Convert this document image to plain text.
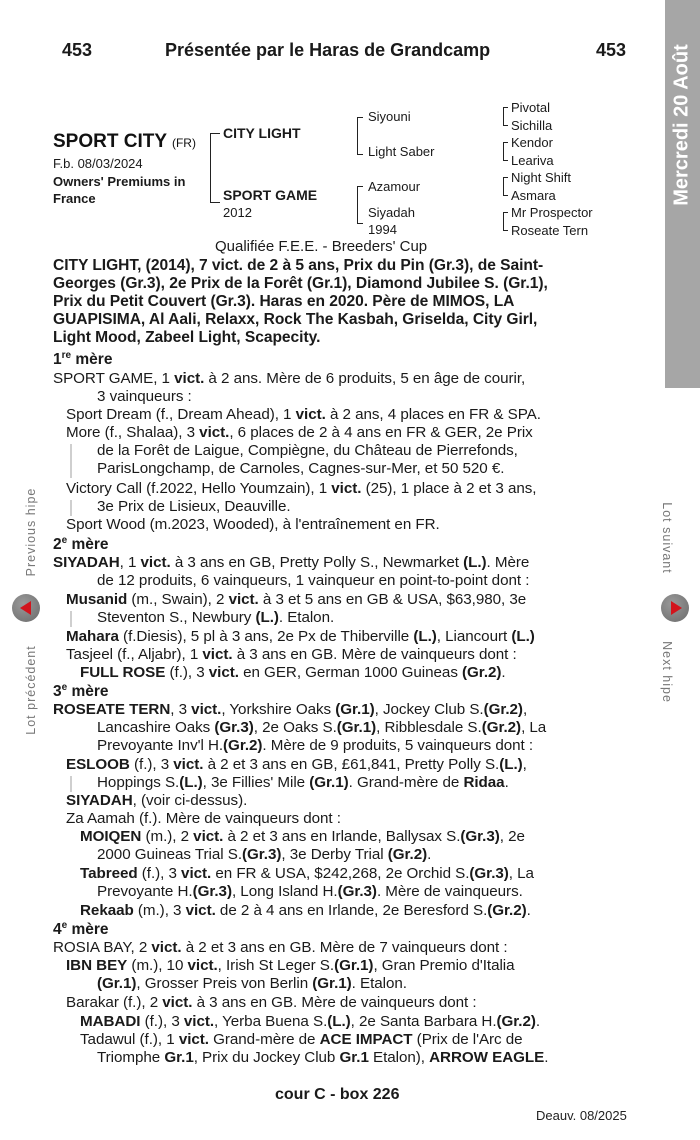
453	Présentée par le Haras de Grandcamp	453 Mercredi 20 Août
SPORT CITY (FR)
F.b. 08/03/2024
Owners' Premiums in
France
CITY LIGHT
SPORT GAME
2012
Siyouni
Light Saber
Azamour
Siyadah
1994
Pivotal
Sichilla
Kendor
Leariva
Night Shift
Asmara
Mr Prospector
Roseate Tern
Qualifiée F.E.E. - Breeders' Cup
CITY LIGHT, (2014), 7 vict. de 2 à 5 ans, Prix du Pin (Gr.3), de Saint-
Georges (Gr.3), 2e Prix de la Forêt (Gr.1), Diamond Jubilee S. (Gr.1),
Prix du Petit Couvert (Gr.3). Haras en 2020. Père de MIMOS, LA
GUAPISIMA, Al Aali, Relaxx, Rock The Kasbah, Griselda, City Girl,
Light Mood, Zabeel Light, Scapecity.
1re mère
SPORT GAME, 1 vict. à 2 ans. Mère de 6 produits, 5 en âge de courir,
3 vainqueurs :
Sport Dream (f., Dream Ahead), 1 vict. à 2 ans, 4 places en FR & SPA.
More (f., Shalaa), 3 vict., 6 places de 2 à 4 ans en FR & GER, 2e Prix
de la Forêt de Laigue, Compiègne, du Château de Pierrefonds,
ParisLongchamp, de Carnoles, Cagnes-sur-Mer, et 50 520 €.
Victory Call (f.2022, Hello Youmzain), 1 vict. (25), 1 place à 2 et 3 ans,
3e Prix de Lisieux, Deauville.
Sport Wood (m.2023, Wooded), à l'entraînement en FR.
2e mère
SIYADAH, 1 vict. à 3 ans en GB, Pretty Polly S., Newmarket (L.). Mère
de 12 produits, 6 vainqueurs, 1 vainqueur en point-to-point dont :
Musanid (m., Swain), 2 vict. à 3 et 5 ans en GB & USA, $63,980, 3e
Steventon S., Newbury (L.). Etalon.
Mahara (f.Diesis), 5 pl à 3 ans, 2e Px de Thiberville (L.), Liancourt (L.)
Tasjeel (f., Aljabr), 1 vict. à 3 ans en GB. Mère de vainqueurs dont :
FULL ROSE (f.), 3 vict. en GER, German 1000 Guineas (Gr.2).
3e mère
ROSEATE TERN, 3 vict., Yorkshire Oaks (Gr.1), Jockey Club S.(Gr.2),
Lancashire Oaks (Gr.3), 2e Oaks S.(Gr.1), Ribblesdale S.(Gr.2), La
Prevoyante Inv'l H.(Gr.2). Mère de 9 produits, 5 vainqueurs dont :
ESLOOB (f.), 3 vict. à 2 et 3 ans en GB, £61,841, Pretty Polly S.(L.),
Hoppings S.(L.), 3e Fillies' Mile (Gr.1). Grand-mère de Ridaa.
SIYADAH, (voir ci-dessus).
Za Aamah (f.). Mère de vainqueurs dont :
MOIQEN (m.), 2 vict. à 2 et 3 ans en Irlande, Ballysax S.(Gr.3), 2e
2000 Guineas Trial S.(Gr.3), 3e Derby Trial (Gr.2).
Tabreed (f.), 3 vict. en FR & USA, $242,268, 2e Orchid S.(Gr.3), La
Prevoyante H.(Gr.3), Long Island H.(Gr.3). Mère de vainqueurs.
Rekaab (m.), 3 vict. de 2 à 4 ans en Irlande, 2e Beresford S.(Gr.2).
4e mère
ROSIA BAY, 2 vict. à 2 et 3 ans en GB. Mère de 7 vainqueurs dont :
IBN BEY (m.), 10 vict., Irish St Leger S.(Gr.1), Gran Premio d'Italia
(Gr.1), Grosser Preis von Berlin (Gr.1). Etalon.
Barakar (f.), 2 vict. à 3 ans en GB. Mère de vainqueurs dont :
MABADI (f.), 3 vict., Yerba Buena S.(L.), 2e Santa Barbara H.(Gr.2).
Tadawul (f.), 1 vict. Grand-mère de ACE IMPACT (Prix de l'Arc de
Triomphe Gr.1, Prix du Jockey Club Gr.1 Etalon), ARROW EAGLE.
Previous hipe
Lot précédent
Lot suivant
Next hipe
cour C - box 226
Deauv. 08/2025
